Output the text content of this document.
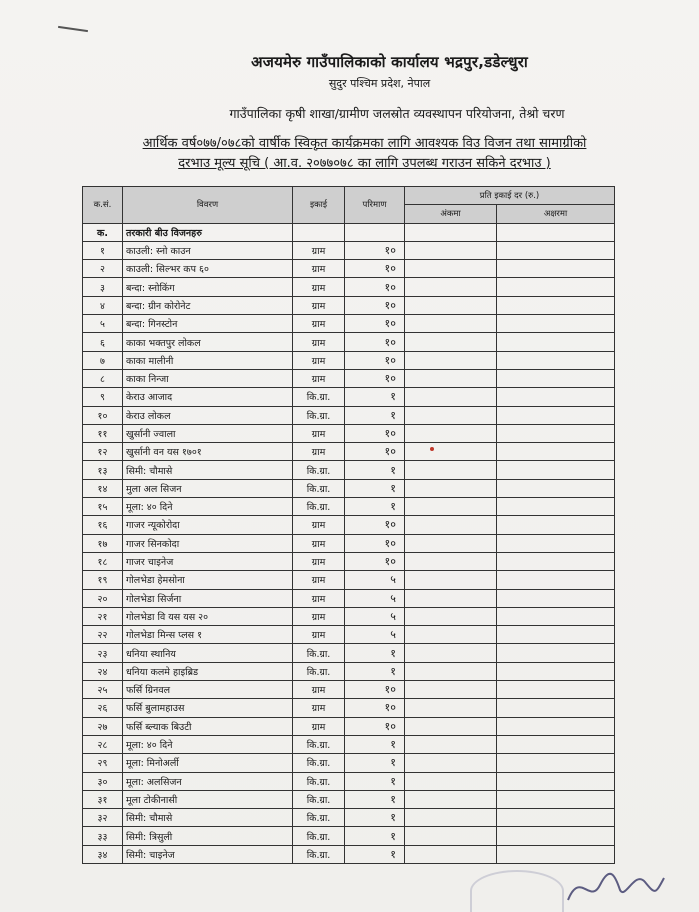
अजयमेरु गाउँपालिकाको कार्यालय भद्रपुर,डडेल्धुरा
सुदुर पश्चिम प्रदेश, नेपाल
गाउँपालिका कृषी शाखा/ग्रामीण जलस्रोत व्यवस्थापन परियोजना, तेश्रो चरण
आर्थिक वर्ष०७७/०७८को वार्षीक स्विकृत कार्यक्रमका लागि आवश्यक विउ विजन तथा सामाग्रीको
दरभाउ मूल्य सूचि ( आ.व. २०७७०७८ का लागि उपलब्ध गराउन सकिने दरभाउ )
क.सं.	विवरण	इकाई	परिमाण	प्रति इकाई दर (रु.)	
				अंकमा	अक्षरमा
क.	तरकारी बीउ विजनहरु				
१	काउली: स्नो काउन	ग्राम	१०		
२	काउली: सिल्भर कप ६०	ग्राम	१०		
३	बन्दा: स्नोकिंग	ग्राम	१०		
४	बन्दा: ग्रीन कोरोनेट	ग्राम	१०		
५	बन्दा: गिनस्टोन	ग्राम	१०		
६	काका भक्तपुर लोकल	ग्राम	१०		
७	काका मालीनी	ग्राम	१०		
८	काका निन्जा	ग्राम	१०		
९	केराउ आजाद	कि.ग्रा.	१		
१०	केराउ लोकल	कि.ग्रा.	१		
११	खुर्सानी ज्वाला	ग्राम	१०		
१२	खुर्सानी वन यस १७०१	ग्राम	१०		
१३	सिमी: चौमासे	कि.ग्रा.	१		
१४	मुला अल सिजन	कि.ग्रा.	१		
१५	मूला: ४० दिने	कि.ग्रा.	१		
१६	गाजर न्यूकोरोदा	ग्राम	१०		
१७	गाजर सिनकोदा	ग्राम	१०		
१८	गाजर चाइनेज	ग्राम	१०		
१९	गोलभेडा हेमसोना	ग्राम	५		
२०	गोलभेडा सिर्जना	ग्राम	५		
२१	गोलभेडा वि यस यस २०	ग्राम	५		
२२	गोलभेडा मिन्स प्लस १	ग्राम	५		
२३	धनिया स्थानिय	कि.ग्रा.	१		
२४	धनिया कलमे हाइब्रिड	कि.ग्रा.	१		
२५	फर्सि ग्रिनवल	ग्राम	१०		
२६	फर्सि बुलामहाउस	ग्राम	१०		
२७	फर्सि ब्ल्याक बिउटी	ग्राम	१०		
२८	मूला: ४० दिने	कि.ग्रा.	१		
२९	मूला: मिनोअर्ली	कि.ग्रा.	१		
३०	मूला: अलसिजन	कि.ग्रा.	१		
३१	मूला टोकीनासी	कि.ग्रा.	१		
३२	सिमी: चौमासे	कि.ग्रा.	१		
३३	सिमी: त्रिसुली	कि.ग्रा.	१		
३४	सिमी: चाइनेज	कि.ग्रा.	१		
